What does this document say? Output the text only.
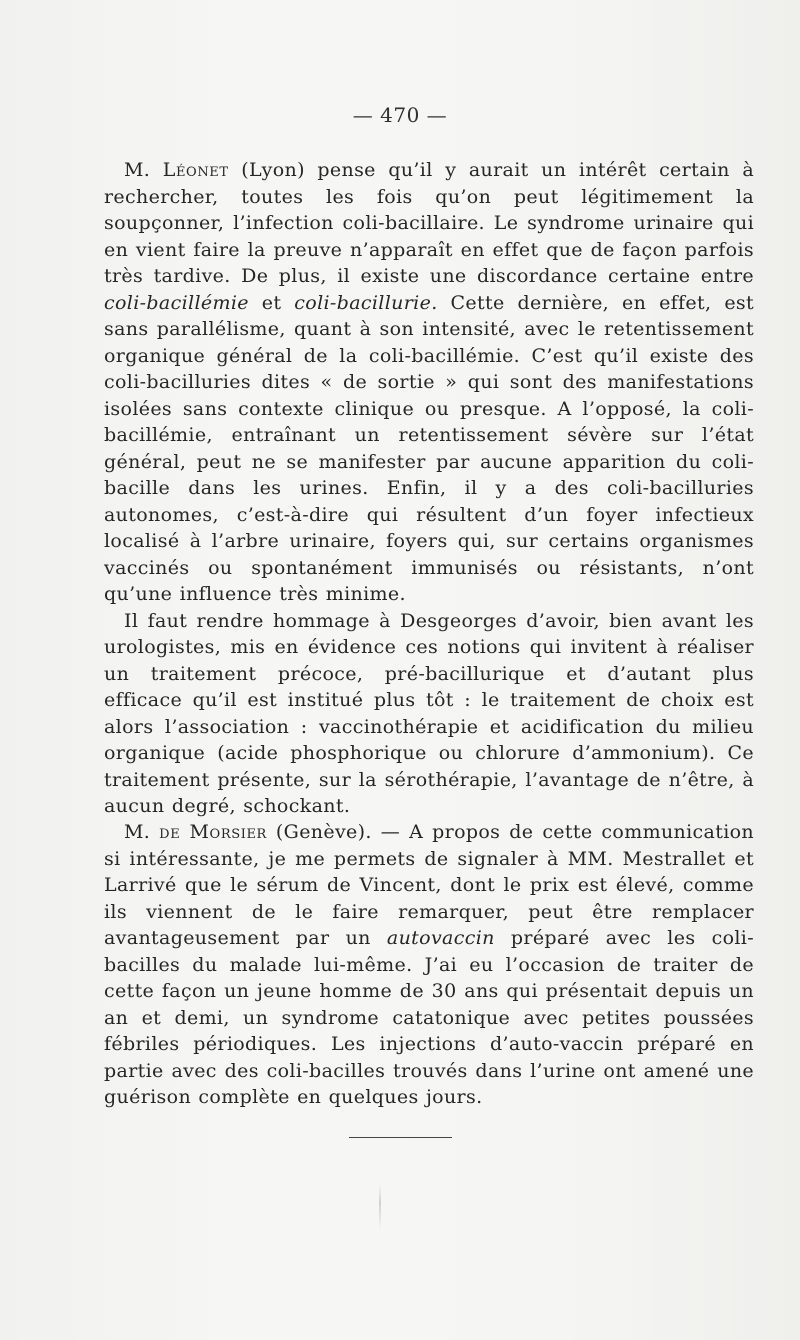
— 470 —

M. Léonet (Lyon) pense qu’il y aurait un intérêt certain à rechercher, toutes les fois qu’on peut légitimement la soupçonner, l’infection coli-bacillaire. Le syndrome urinaire qui en vient faire la preuve n’apparaît en effet que de façon parfois très tardive. De plus, il existe une discordance certaine entre coli-bacillémie et coli-bacillurie. Cette dernière, en effet, est sans parallélisme, quant à son intensité, avec le retentissement organique général de la coli-bacillémie. C’est qu’il existe des coli-bacilluries dites « de sortie » qui sont des manifestations isolées sans contexte clinique ou presque. A l’opposé, la coli-bacillémie, entraînant un retentissement sévère sur l’état général, peut ne se manifester par aucune apparition du coli-bacille dans les urines. Enfin, il y a des coli-bacilluries autonomes, c’est-à-dire qui résultent d’un foyer infectieux localisé à l’arbre urinaire, foyers qui, sur certains organismes vaccinés ou spontanément immunisés ou résistants, n’ont qu’une influence très minime.

Il faut rendre hommage à Desgeorges d’avoir, bien avant les urologistes, mis en évidence ces notions qui invitent à réaliser un traitement précoce, pré-bacillurique et d’autant plus efficace qu’il est institué plus tôt : le traitement de choix est alors l’association : vaccinothérapie et acidification du milieu organique (acide phosphorique ou chlorure d’ammonium). Ce traitement présente, sur la sérothérapie, l’avantage de n’être, à aucun degré, schockant.

M. de Morsier (Genève). — A propos de cette communication si intéressante, je me permets de signaler à MM. Mestrallet et Larrivé que le sérum de Vincent, dont le prix est élevé, comme ils viennent de le faire remarquer, peut être remplacer avantageusement par un autovaccin préparé avec les coli-bacilles du malade lui-même. J’ai eu l’occasion de traiter de cette façon un jeune homme de 30 ans qui présentait depuis un an et demi, un syndrome catatonique avec petites poussées fébriles périodiques. Les injections d’auto-vaccin préparé en partie avec des coli-bacilles trouvés dans l’urine ont amené une guérison complète en quelques jours.
